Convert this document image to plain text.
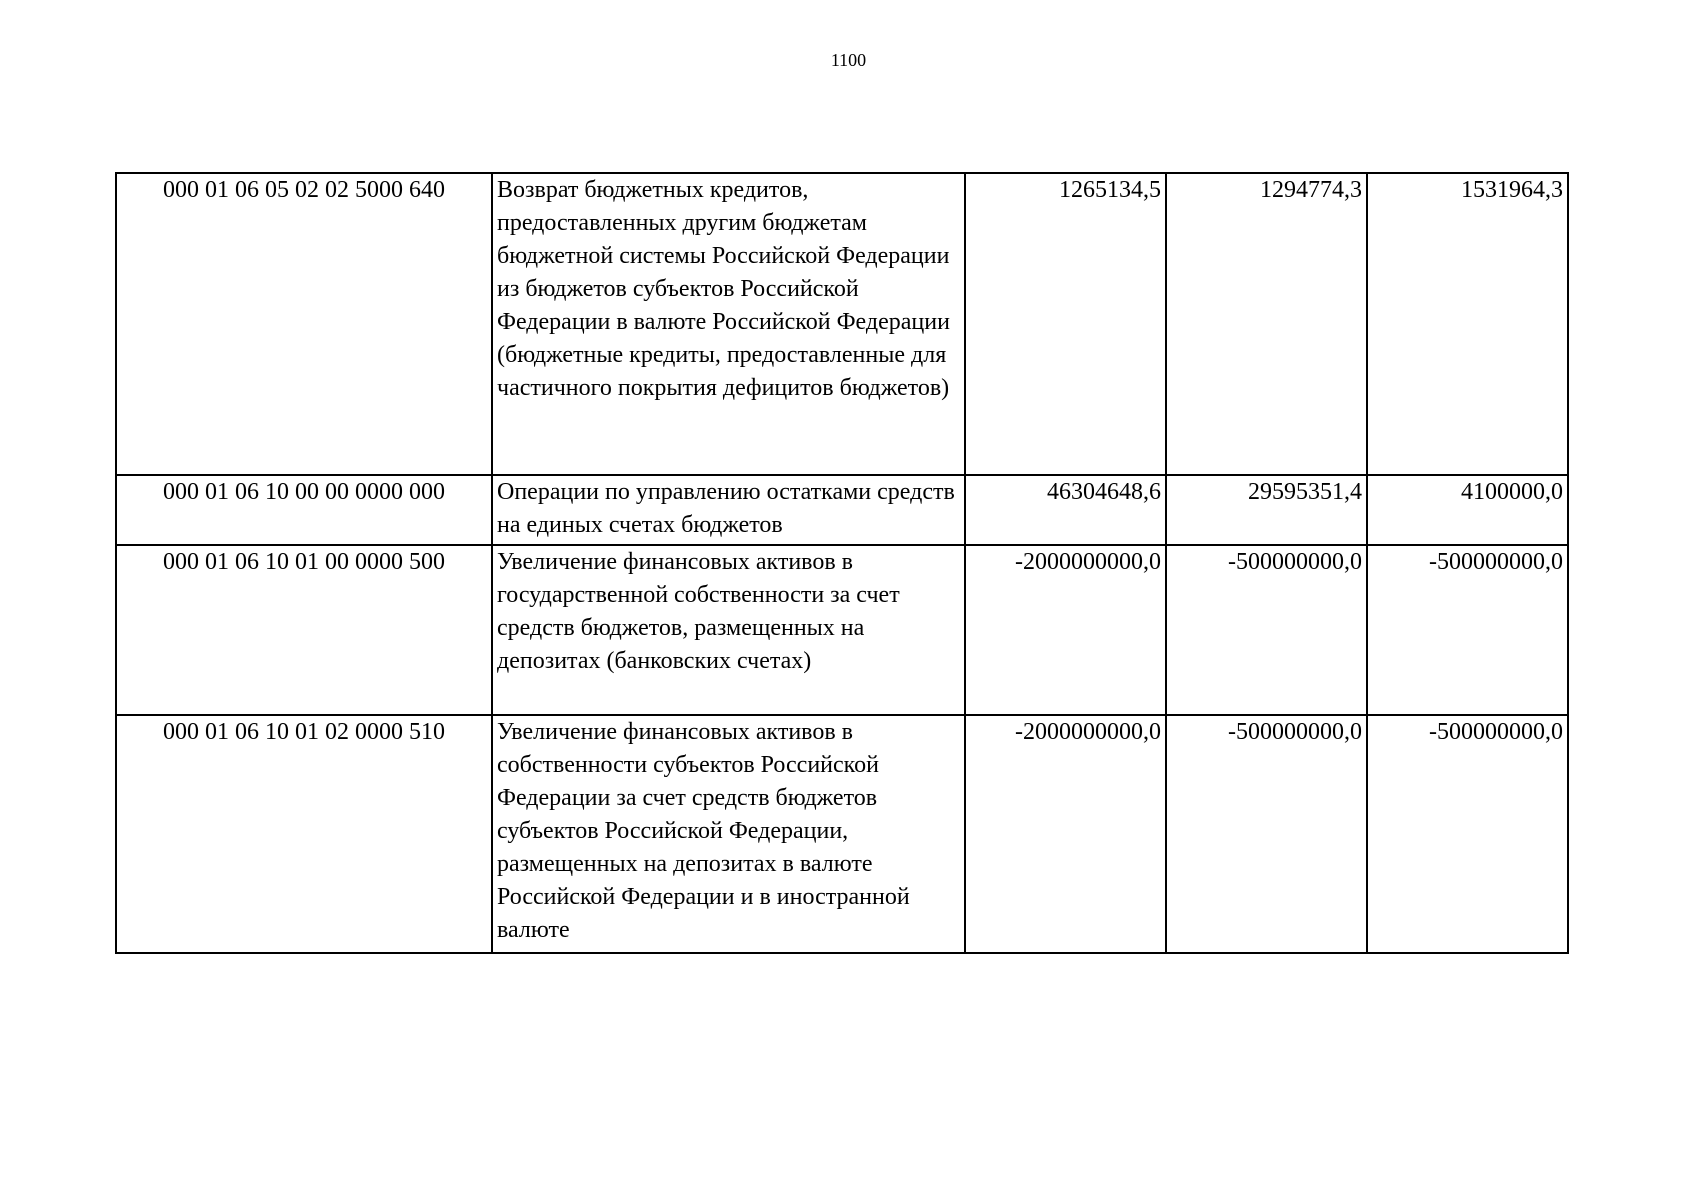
1100
000 01 06 05 02 02 5000 640	Возврат бюджетных кредитов, предоставленных другим бюджетам бюджетной системы Российской Федерации из бюджетов субъектов Российской Федерации в валюте Российской Федерации (бюджетные кредиты, предоставленные для частичного покрытия дефицитов бюджетов)	1265134,5	1294774,3	1531964,3
000 01 06 10 00 00 0000 000	Операции по управлению остатками средств на единых счетах бюджетов	46304648,6	29595351,4	4100000,0
000 01 06 10 01 00 0000 500	Увеличение финансовых активов в государственной собственности за счет средств бюджетов, размещенных на депозитах (банковских счетах)	-2000000000,0	-500000000,0	-500000000,0
000 01 06 10 01 02 0000 510	Увеличение финансовых активов в собственности субъектов Российской Федерации за счет средств бюджетов субъектов Российской Федерации, размещенных на депозитах в валюте Российской Федерации и в иностранной валюте	-2000000000,0	-500000000,0	-500000000,0
